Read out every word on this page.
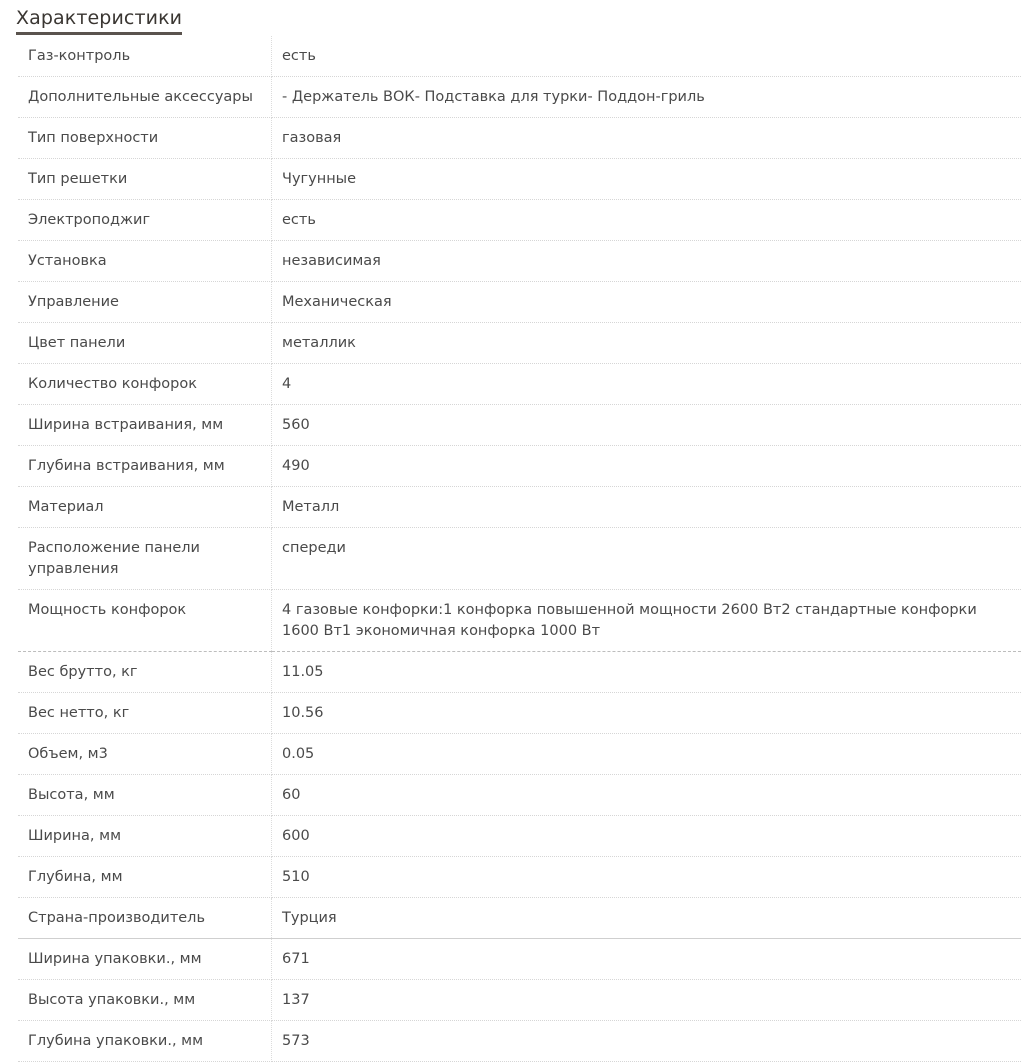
Характеристики
Газ-контроль	есть

Дополнительные аксессуары	- Держатель ВОК- Подставка для турки- Поддон-гриль

Тип поверхности	газовая

Тип решетки	Чугунные

Электроподжиг	есть

Установка	независимая

Управление	Механическая

Цвет панели	металлик

Количество конфорок	4

Ширина встраивания, мм	560

Глубина встраивания, мм	490

Материал	Металл

Расположение панели управления	спереди

Мощность конфорок	4 газовые конфорки:1 конфорка повышенной мощности 2600 Вт2 стандартные конфорки 1600 Вт1 экономичная конфорка 1000 Вт

Вес брутто, кг	11.05

Вес нетто, кг	10.56

Объем, м3	0.05

Высота, мм	60

Ширина, мм	600

Глубина, мм	510

Страна-производитель	Турция

Ширина упаковки., мм	671

Высота упаковки., мм	137

Глубина упаковки., мм	573
